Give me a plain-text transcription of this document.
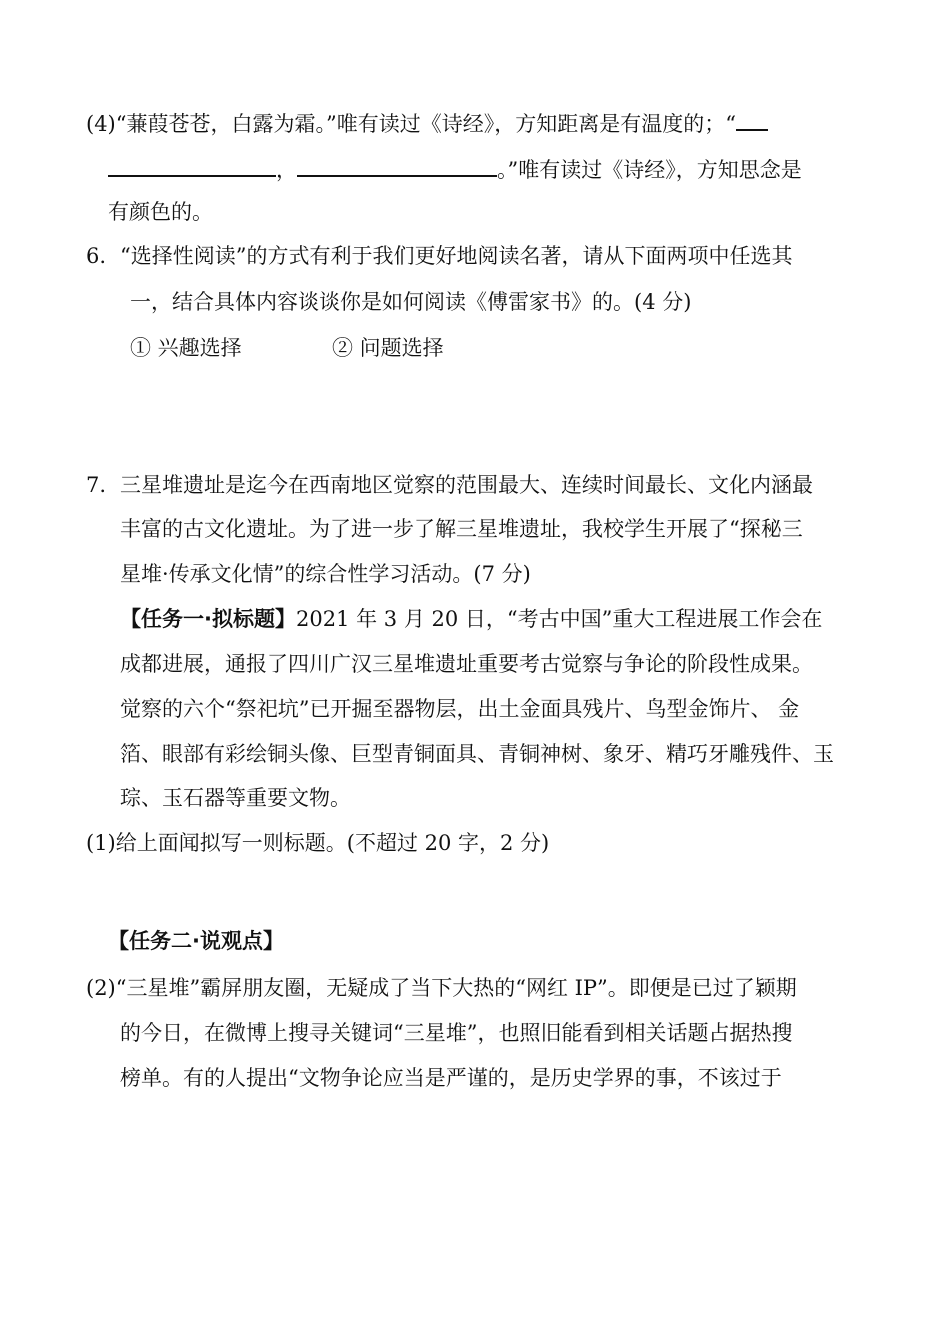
(4)“蒹葭苍苍，白露为霜。”唯有读过《诗经》，方知距离是有温度的；“
，	。”唯有读过《诗经》，方知思念是
有颜色的。
6. “选择性阅读”的方式有利于我们更好地阅读名著，请从下面两项中任选其
一，结合具体内容谈谈你是如何阅读《傅雷家书》的。(4 分)
① 兴趣选择	② 问题选择
7. 三星堆遗址是迄今在西南地区觉察的范围最大、连续时间最长、文化内涵最
丰富的古文化遗址。为了进一步了解三星堆遗址，我校学生开展了“探秘三
星堆·传承文化情”的综合性学习活动。(7 分)
【任务一·拟标题】2021 年 3 月 20 日，“考古中国”重大工程进展工作会在
成都进展，通报了四川广汉三星堆遗址重要考古觉察与争论的阶段性成果。
觉察的六个“祭祀坑”已开掘至器物层，出土金面具残片、鸟型金饰片、 金
箔、眼部有彩绘铜头像、巨型青铜面具、青铜神树、象牙、精巧牙雕残件、玉
琮、玉石器等重要文物。
(1)给上面闻拟写一则标题。(不超过 20 字，2 分)
【任务二·说观点】
(2)“三星堆”霸屏朋友圈，无疑成了当下大热的“网红 IP”。即便是已过了颖期
的今日，在微博上搜寻关键词“三星堆”，也照旧能看到相关话题占据热搜
榜单。有的人提出“文物争论应当是严谨的，是历史学界的事，不该过于
